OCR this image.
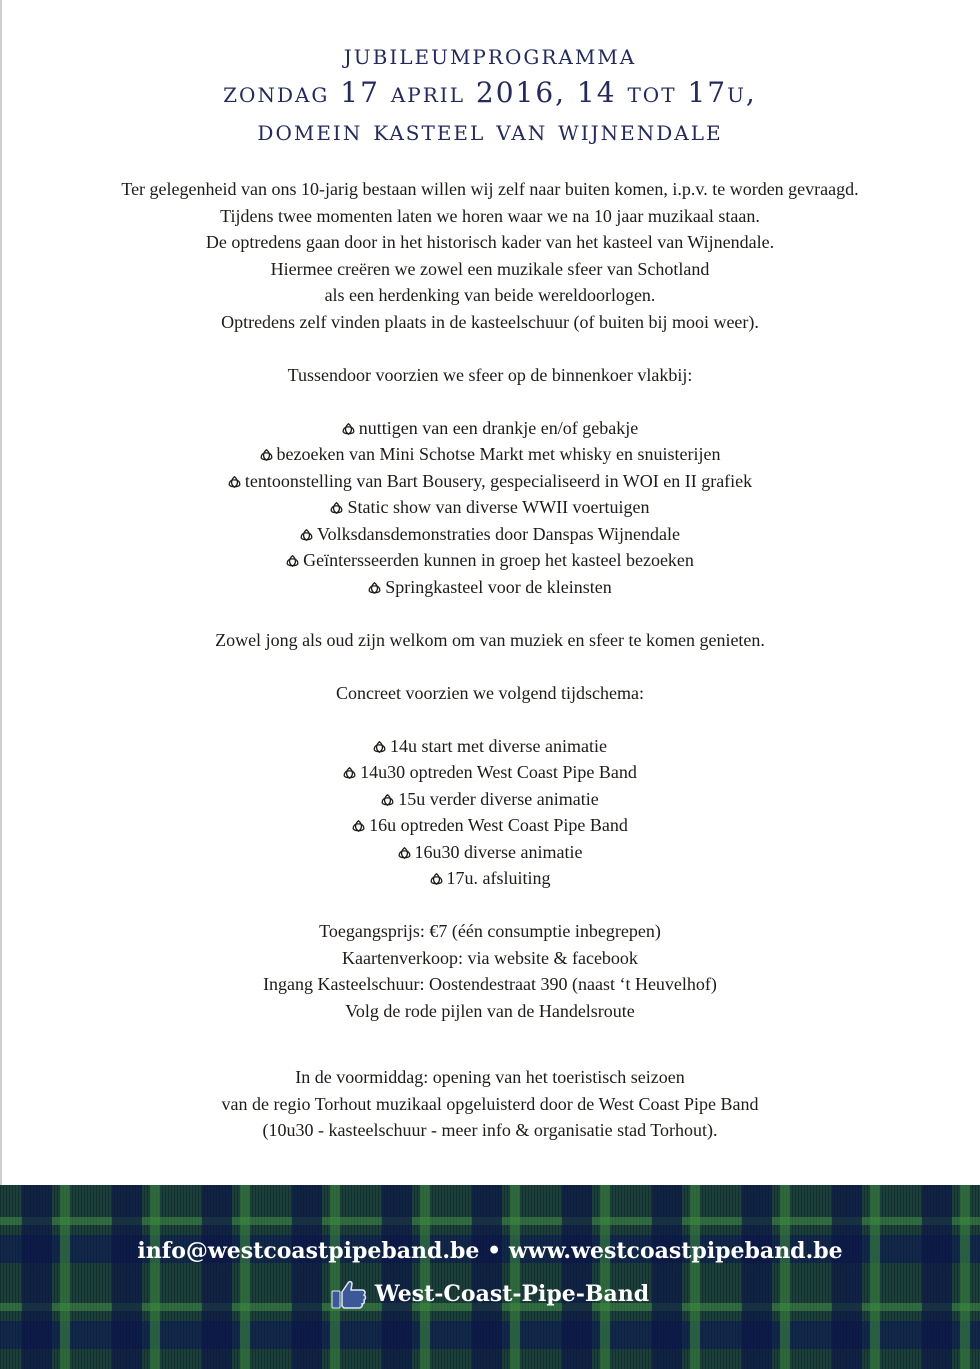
jubileumprogramma

zondag 17 april 2016, 14 tot 17u,

domein kasteel van wijnendale

Ter gelegenheid van ons 10-jarig bestaan willen wij zelf naar buiten komen, i.p.v. te worden gevraagd.

Tijdens twee momenten laten we horen waar we na 10 jaar muzikaal staan.

De optredens gaan door in het historisch kader van het kasteel van Wijnendale.

Hiermee creëren we zowel een muzikale sfeer van Schotland

als een herdenking van beide wereldoorlogen.

Optredens zelf vinden plaats in de kasteelschuur (of buiten bij mooi weer).

Tussendoor voorzien we sfeer op de binnenkoer vlakbij:

nuttigen van een drankje en/of gebakje

bezoeken van Mini Schotse Markt met whisky en snuisterijen

tentoonstelling van Bart Bousery, gespecialiseerd in WOI en II grafiek

Static show van diverse WWII voertuigen

Volksdansdemonstraties door Danspas Wijnendale

Geïntersseerden kunnen in groep het kasteel bezoeken

Springkasteel voor de kleinsten

Zowel jong als oud zijn welkom om van muziek en sfeer te komen genieten.

Concreet voorzien we volgend tijdschema:

14u start met diverse animatie

14u30 optreden West Coast Pipe Band

15u verder diverse animatie

16u optreden West Coast Pipe Band

16u30 diverse animatie

17u. afsluiting

Toegangsprijs: €7 (één consumptie inbegrepen)

Kaartenverkoop: via website & facebook

Ingang Kasteelschuur: Oostendestraat 390 (naast ‘t Heuvelhof)

Volg de rode pijlen van de Handelsroute

In de voormiddag: opening van het toeristisch seizoen

van de regio Torhout muzikaal opgeluisterd door de West Coast Pipe Band

(10u30 - kasteelschuur - meer info & organisatie stad Torhout).

info@westcoastpipeband.be • www.westcoastpipeband.be
West-Coast-Pipe-Band
